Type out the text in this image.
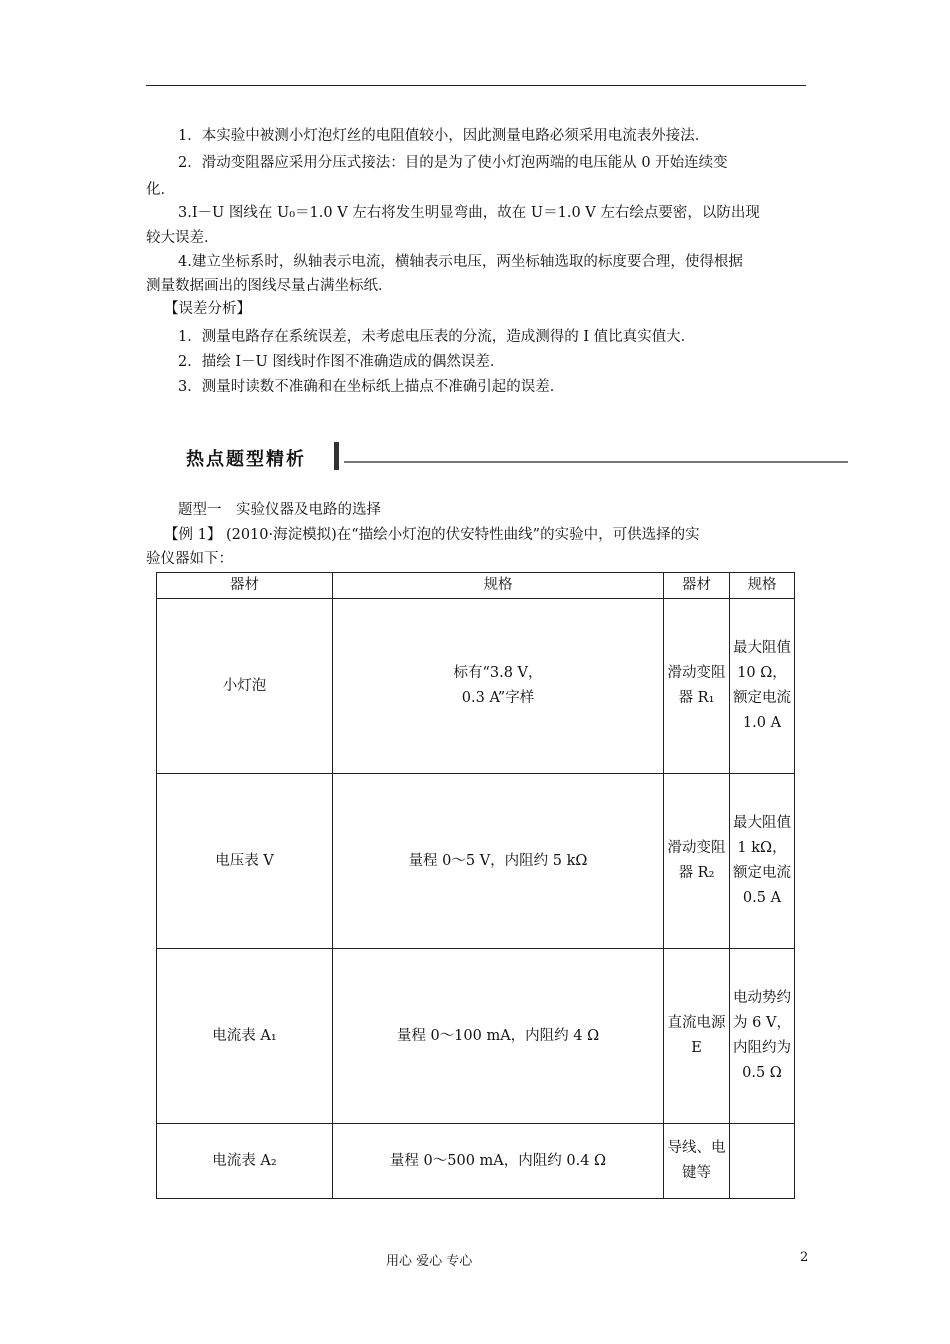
1．本实验中被测小灯泡灯丝的电阻值较小，因此测量电路必须采用电流表外接法．
2．滑动变阻器应采用分压式接法：目的是为了使小灯泡两端的电压能从 0 开始连续变
化．
3.I－U 图线在 U₀＝1.0 V 左右将发生明显弯曲，故在 U＝1.0 V 左右绘点要密，以防出现
较大误差．
4.建立坐标系时，纵轴表示电流，横轴表示电压，两坐标轴选取的标度要合理，使得根据
测量数据画出的图线尽量占满坐标纸．
【误差分析】
1．测量电路存在系统误差，未考虑电压表的分流，造成测得的 I 值比真实值大．
2．描绘 I－U 图线时作图不准确造成的偶然误差．
3．测量时读数不准确和在坐标纸上描点不准确引起的误差．
热点题型精析
题型一　实验仪器及电路的选择
【例 1】 (2010·海淀模拟)在“描绘小灯泡的伏安特性曲线”的实验中，可供选择的实
验仪器如下：
器材	规格	器材	规格
小灯泡	标有“3.8 V，
0.3 A”字样	滑动变阻器 R₁	最大阻值 10 Ω，额定电流 1.0 A
电压表 V	量程 0～5 V，内阻约 5 kΩ	滑动变阻器 R₂	最大阻值 1 kΩ，额定电流 0.5 A
电流表 A₁	量程 0～100 mA，内阻约 4 Ω	直流电源 E	电动势约为 6 V，内阻约为 0.5 Ω
电流表 A₂	量程 0～500 mA，内阻约 0.4 Ω	导线、电键等	
用心 爱心 专心	2
